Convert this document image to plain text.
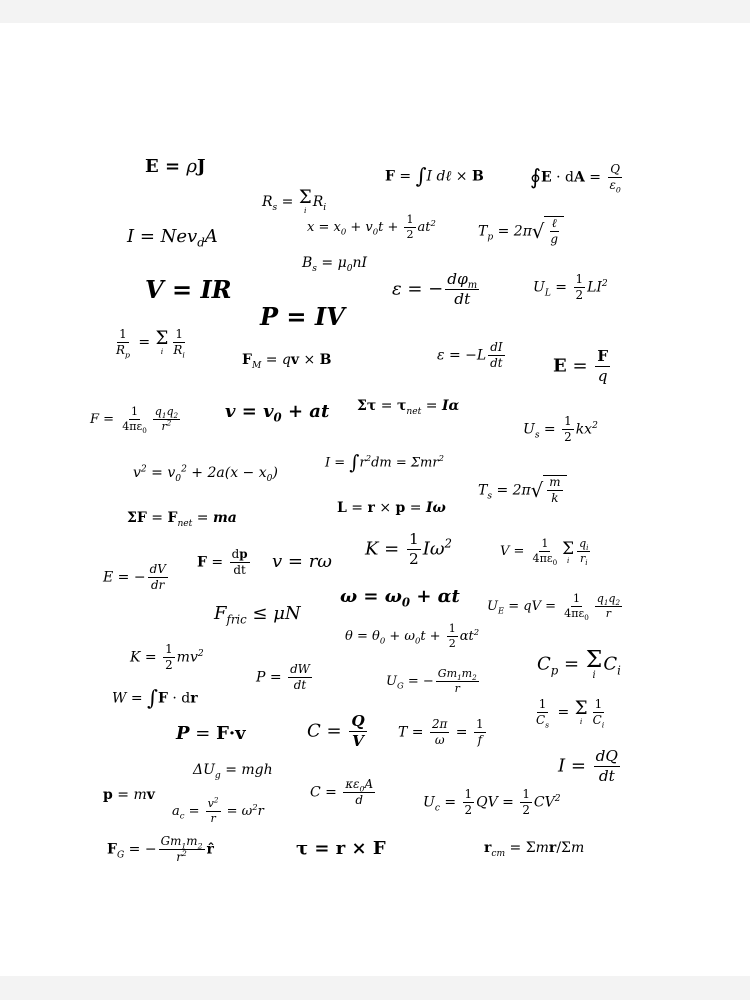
E = ρJ
$R_s = \Sigma$
i
$R_i$
F = ∫I dℓ × B ∮E · dA = $\frac{Q}{\varepsilon_0}$
I = Nev$_d$A	$x = x_0 + v_0t + \frac{1}{2} at^2$
$T_p = 2\pi√ \frac{\text{ℓ}}{g}$
$B_s = \mu_0nI$
V = IR
P = IV
ε = − $\frac{d\varphi_m}{dt}$	$U_L = \frac{1}{2} LI^2$
$\frac{1}{R_p} = \Sigma$
i $\frac{1}{R_i}$
$F_M$ = qv × B	$\varepsilon = -L \frac{dI}{dt}$	$E = \frac{F}{q}$
$F = \frac{1}{4\pi\varepsilon_0} \frac{q_1q_2}{r^2}$ $v = v_0$ + at $\Sigma\tau = \tau_{net} = I\alpha$
$U_s = \frac{1}{2} kx^2$
$v^2 = v_0^2 + 2a(x - x_0)$
$I = \int r^2dm = \Sigma mr^2$
$T_s = 2\pi√ \frac{m}{k}$
$\Sigma F = F_{net}$ = ma
L = r × p = Iω
$K = \frac{1}{2} I\omega^2$
$V = \frac{1}{4\pi\varepsilon_0}$ Σ
i $\frac{q_i}{r_i}$
E = − $\frac{dV}{dr}$
$F = \frac{dp}{dt}$ v = rω
$\omega = \omega_0 + \alpha t$ $U_E$ = qV = $\frac{1}{4\pi\varepsilon_0} \frac{q_1q_2}{r}$
$F_{fric} \le \mu N$
$\theta = \theta_0 + \omega_0t + \frac{1}{2} \alpha t^2$
$K = \frac{1}{2} mv^2$	$C_p = \Sigma$
i
$C_i$
$P = \frac{dW}{dt}$	$U_G$ = − $\frac{Gm_1m_2}{r}$
W = ∫F · dr	$\frac{1}{C_s} = \Sigma$
i $\frac{1}{C_i}$
P = F·v	$C = \frac{Q}{V}$ $T = \frac{2\pi}{\omega} = \frac{1}{f}$
$I = \frac{dQ}{dt}$
$\Delta U_g$ = mgh
p = mv	$C = \frac{\kappa\varepsilon_0A}{d}$	$U_c = \frac{1}{2}$ QV = $\frac{1}{2} CV^2$
$a_c = \frac{v^2}{r} = \omega^2r$
$F_G$ = − $\frac{Gm_1m_2}{r^2}$ r̂	τ = r × F	$r_{cm} = \Sigma mr/\Sigma m$
